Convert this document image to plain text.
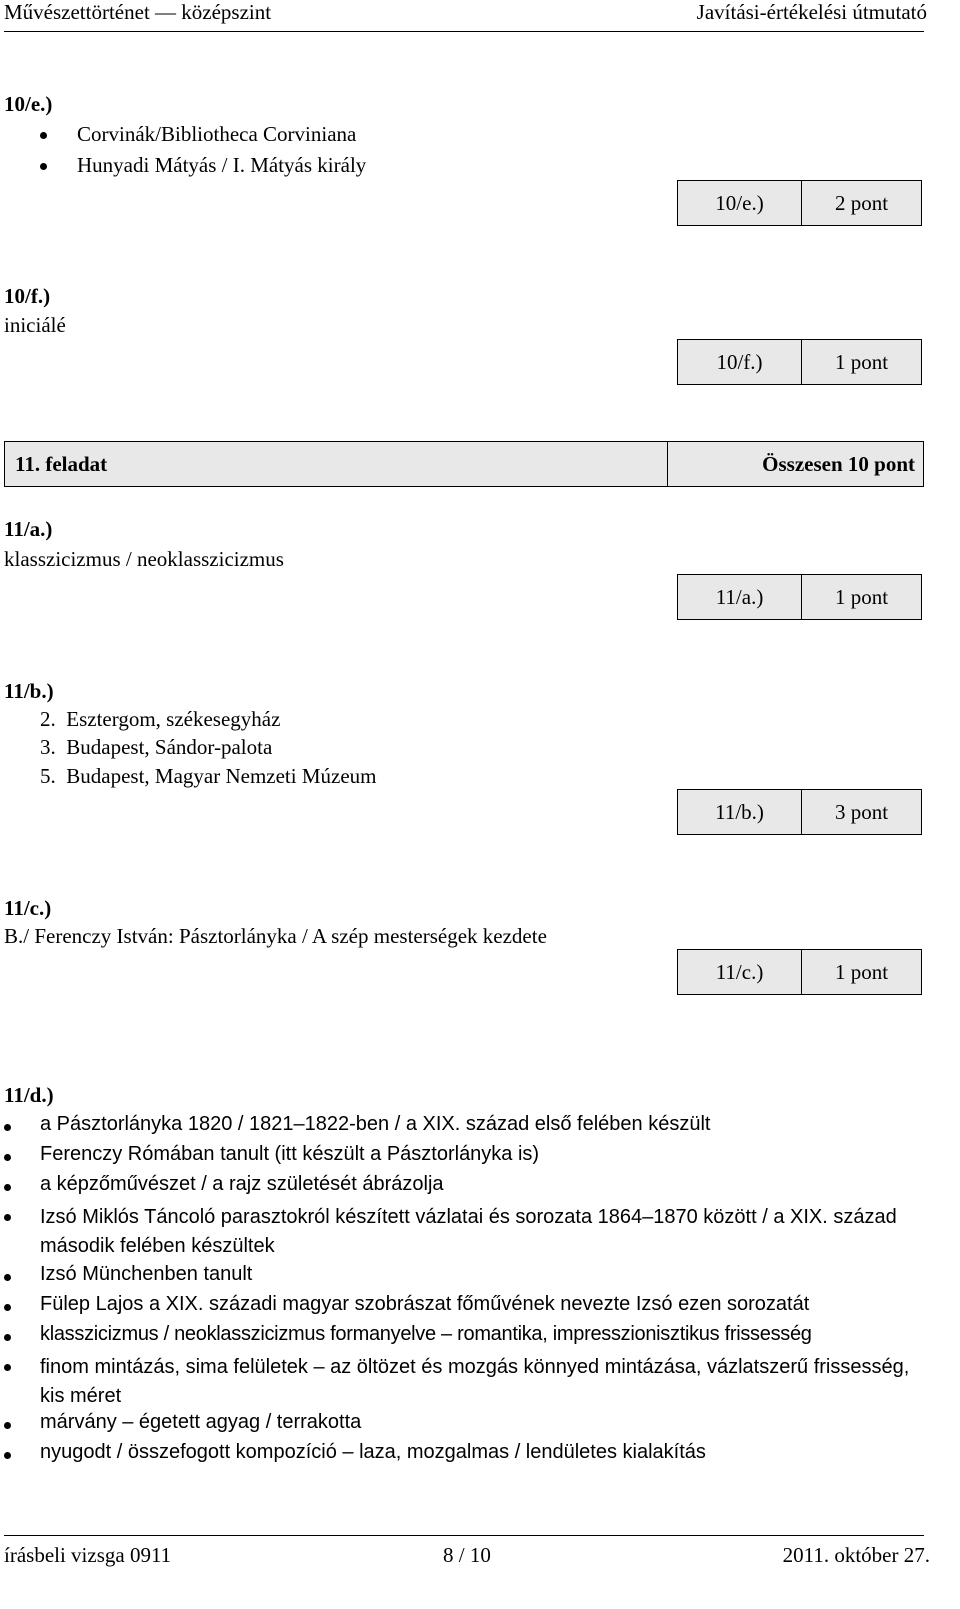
Művészettörténet — középszint	Javítási-értékelési útmutató
10/e.)
Corvinák/Bibliotheca Corviniana
Hunyadi Mátyás / I. Mátyás király
10/e.)	2 pont
10/f.)
iniciálé
10/f.)	1 pont
11. feladat	Összesen 10 pont
11/a.)
klasszicizmus / neoklasszicizmus
11/a.)	1 pont
11/b.)
2.  Esztergom, székesegyház
3.  Budapest, Sándor-palota
5.  Budapest, Magyar Nemzeti Múzeum
11/b.)	3 pont
11/c.)
B./ Ferenczy István: Pásztorlányka / A szép mesterségek kezdete
11/c.)	1 pont
11/d.)
a Pásztorlányka 1820 / 1821–1822-ben / a XIX. század első felében készült
Ferenczy Rómában tanult (itt készült a Pásztorlányka is)
a képzőművészet / a rajz születését ábrázolja
Izsó Miklós Táncoló parasztokról készített vázlatai és sorozata 1864–1870 között / a XIX. század második felében készültek
Izsó Münchenben tanult
Fülep Lajos a XIX. századi magyar szobrászat főművének nevezte Izsó ezen sorozatát
klasszicizmus / neoklasszicizmus formanyelve – romantika, impresszionisztikus frissesség
finom mintázás, sima felületek – az öltözet és mozgás könnyed mintázása, vázlatszerű frissesség, kis méret
márvány – égetett agyag / terrakotta
nyugodt / összefogott kompozíció – laza, mozgalmas / lendületes kialakítás
írásbeli vizsga 0911	8 / 10	2011. október 27.
